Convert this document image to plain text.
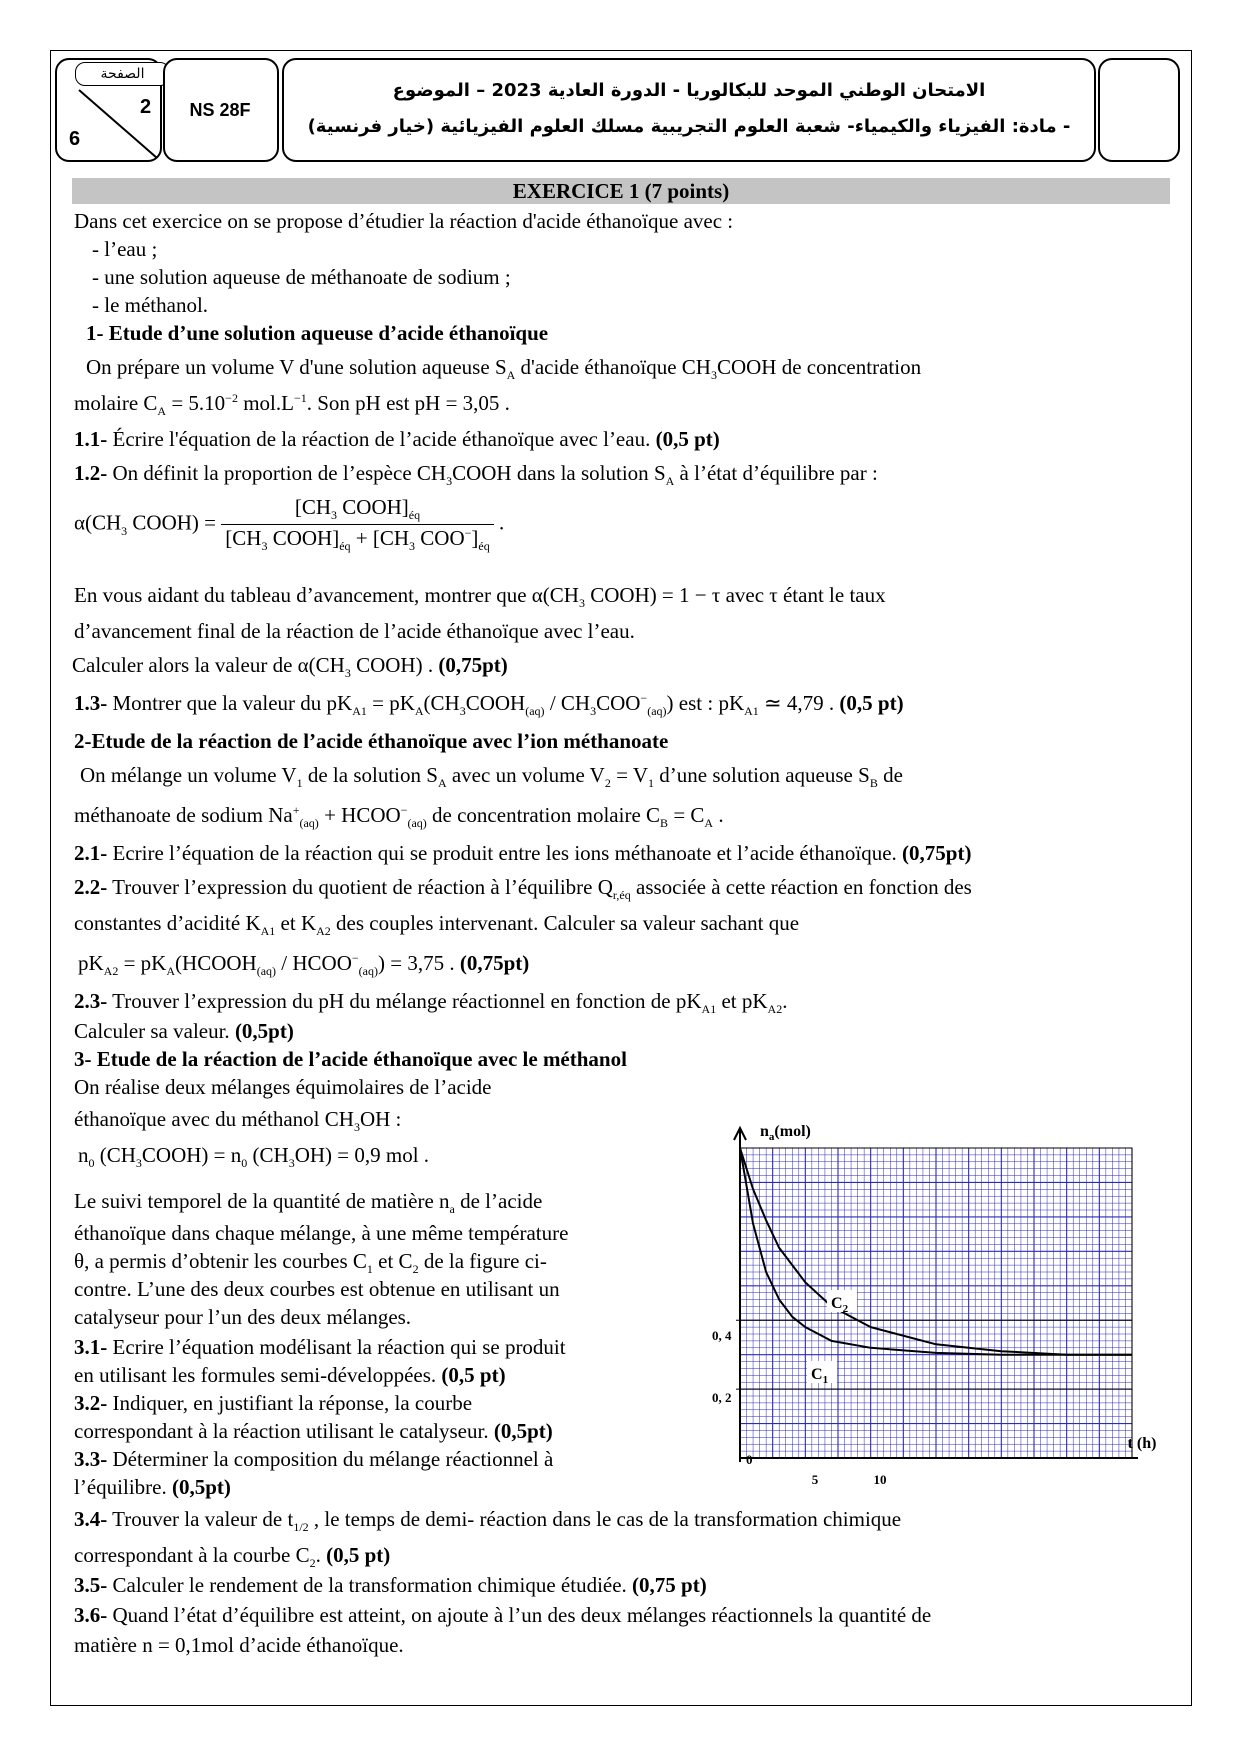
الصفحة
2
6
NS 28F
الامتحان الوطني الموحد للبكالوريا - الدورة العادية 2023 – الموضوع
- مادة: الفيزياء والكيمياء- شعبة العلوم التجريبية مسلك العلوم الفيزيائية (خيار فرنسية)
EXERCICE 1 (7 points)
Dans cet exercice on se propose d’étudier la réaction d'acide éthanoïque avec :
- l’eau ;
- une solution aqueuse de méthanoate de sodium ;
- le méthanol.
1- Etude d’une solution aqueuse d’acide éthanoïque
On prépare un volume V d'une solution aqueuse $S_A$ d'acide éthanoïque $CH_3COOH$ de concentration
molaire $C_A = 5.10^{-2}$ $mol.L^{-1}$. Son pH est pH = 3,05 .
1.1- Écrire l'équation de la réaction de l’acide éthanoïque avec l’eau. (0,5 pt)
1.2- On définit la proportion de l’espèce $CH_3COOH$ dans la solution $S_A$ à l’état d’équilibre par :
$\alpha(CH_3$ COOH) = $\frac{[CH_3 COOH]_{éq}}{[CH_3 COOH]_{éq} + [CH_3 COO^-]_{éq}}$ .
En vous aidant du tableau d’avancement, montrer que $\alpha(CH_3$ COOH) = 1 − τ avec τ étant le taux
d’avancement final de la réaction de l’acide éthanoïque avec l’eau.
Calculer alors la valeur de $\alpha(CH_3$ COOH) . (0,75pt)
1.3- Montrer que la valeur du $pK_{A1}$ = $pK_A(CH_3COOH_{(aq)} / CH_3COO^-_{(aq)})$ est : $pK_{A1}$ ≃ 4,79 . (0,5 pt)
2-Etude de la réaction de l’acide éthanoïque avec l’ion méthanoate
On mélange un volume $V_1$ de la solution $S_A$ avec un volume $V_2 = V_1$ d’une solution aqueuse $S_B$ de
méthanoate de sodium $Na^+_{(aq)}$ + $HCOO^-_{(aq)}$ de concentration molaire $C_B = C_A$ .
2.1- Ecrire l’équation de la réaction qui se produit entre les ions méthanoate et l’acide éthanoïque. (0,75pt)
2.2- Trouver l’expression du quotient de réaction à l’équilibre $Q_{r,éq}$ associée à cette réaction en fonction des
constantes d’acidité $K_{A1}$ et $K_{A2}$ des couples intervenant. Calculer sa valeur sachant que
$pK_{A2}$ = $pK_A(HCOOH_{(aq)}$ / $HCOO^-_{(aq)}) = 3,75$ . (0,75pt)
2.3- Trouver l’expression du pH du mélange réactionnel en fonction de $pK_{A1}$ et $pK_{A2}$.
Calculer sa valeur. (0,5pt)
3- Etude de la réaction de l’acide éthanoïque avec le méthanol
On réalise deux mélanges équimolaires de l’acide
éthanoïque avec du méthanol $CH_3OH$ :
$n_0$ $(CH_3COOH) = n_0$ $(CH_3OH) = 0,9$ mol .
Le suivi temporel de la quantité de matière $n_a$ de l’acide
éthanoïque dans chaque mélange, à une même température
θ, a permis d’obtenir les courbes $C_1$ et $C_2$ de la figure ci-
contre. L’une des deux courbes est obtenue en utilisant un
catalyseur pour l’un des deux mélanges.
3.1- Ecrire l’équation modélisant la réaction qui se produit
en utilisant les formules semi-développées. (0,5 pt)
3.2- Indiquer, en justifiant la réponse, la courbe
correspondant à la réaction utilisant le catalyseur. (0,5pt)
3.3- Déterminer la composition du mélange réactionnel à
l’équilibre. (0,5pt)
3.4- Trouver la valeur de $t_{1/2}$ , le temps de demi- réaction dans le cas de la transformation chimique
correspondant à la courbe $C_2$. (0,5 pt)
3.5- Calculer le rendement de la transformation chimique étudiée. (0,75 pt)
3.6- Quand l’état d’équilibre est atteint, on ajoute à l’un des deux mélanges réactionnels la quantité de
matière n = 0,1mol d’acide éthanoïque.
$n_a(mol)$
t (h)
0
0, 4
0, 2
5	10
$C_2$
$C_1$
